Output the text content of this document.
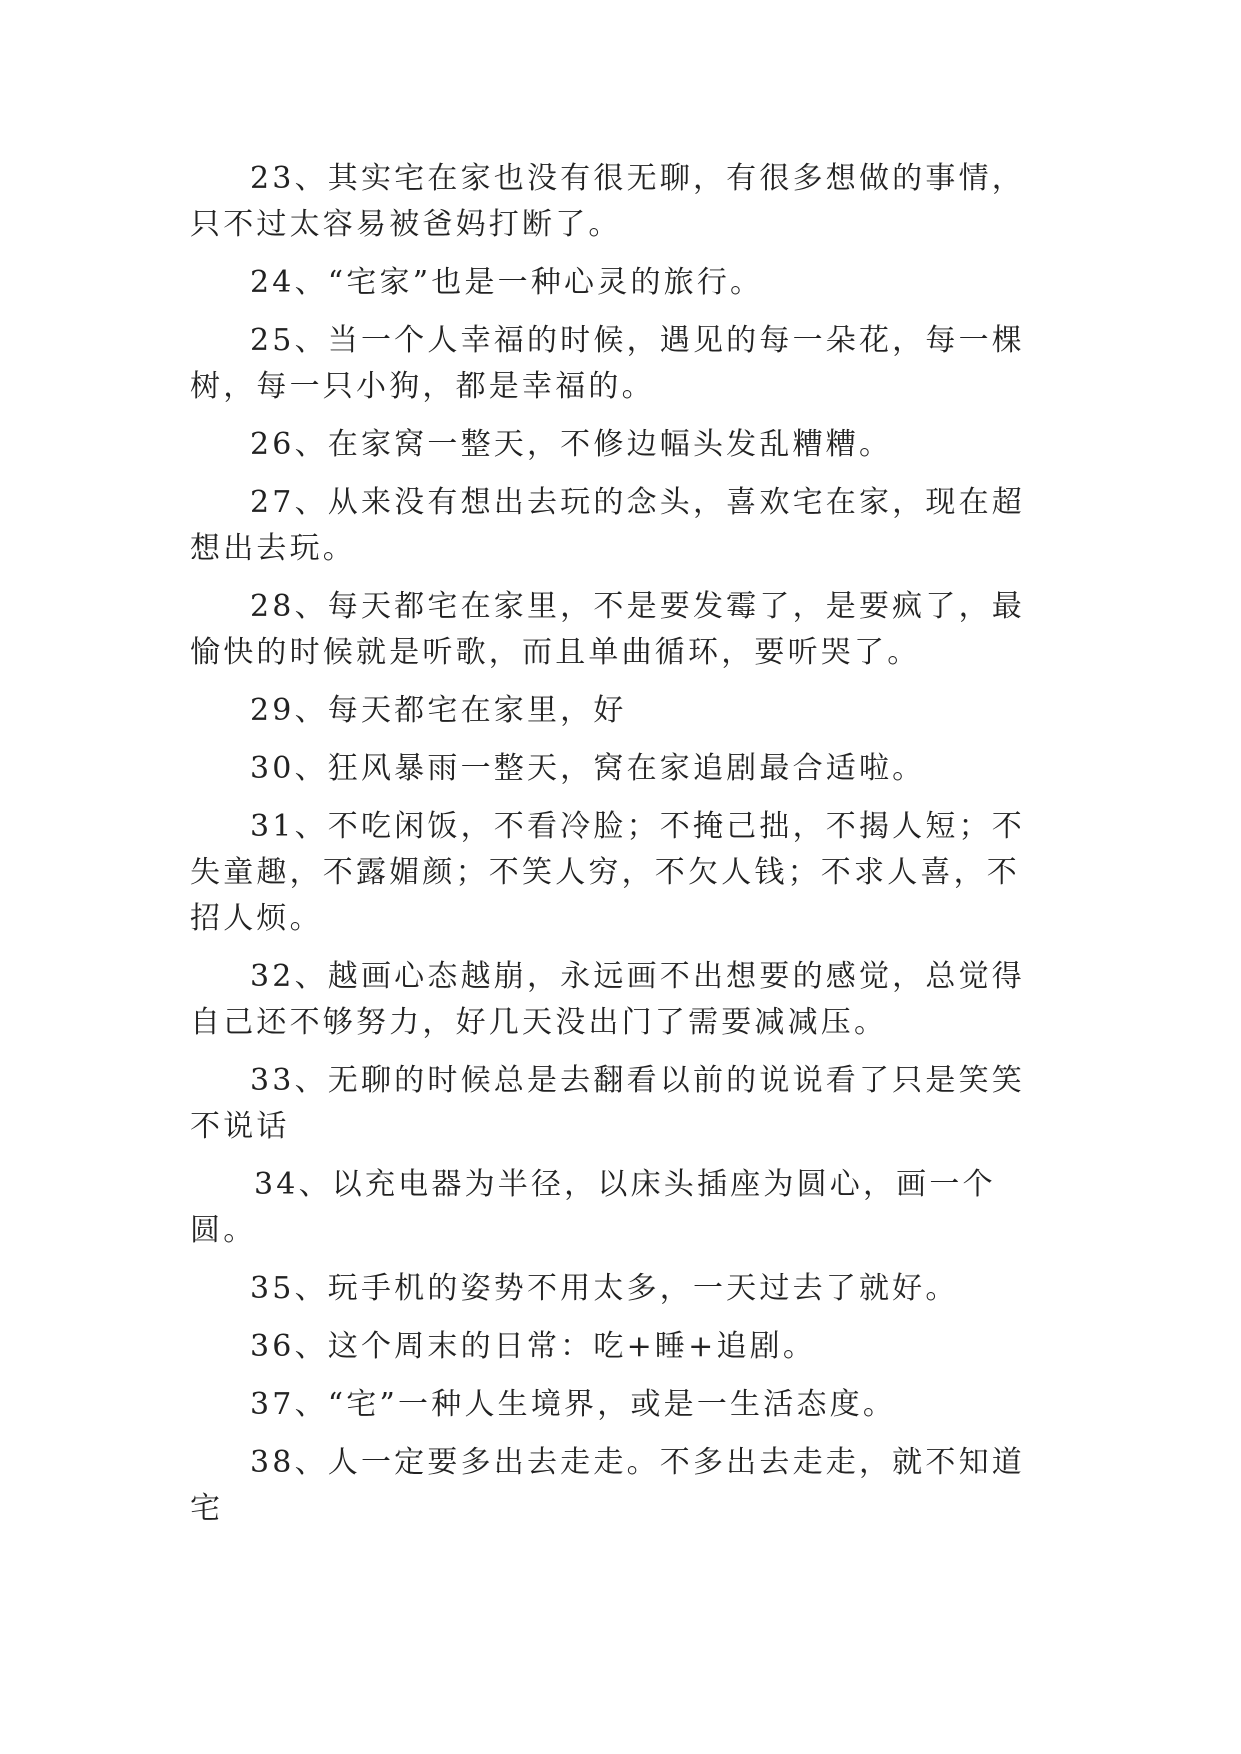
23、其实宅在家也没有很无聊，有很多想做的事情，只不过太容易被爸妈打断了。

24、“宅家”也是一种心灵的旅行。

25、当一个人幸福的时候，遇见的每一朵花，每一棵树，每一只小狗，都是幸福的。

26、在家窝一整天，不修边幅头发乱糟糟。

27、从来没有想出去玩的念头，喜欢宅在家，现在超想出去玩。

28、每天都宅在家里，不是要发霉了，是要疯了，最愉快的时候就是听歌，而且单曲循环，要听哭了。

29、每天都宅在家里，好

30、狂风暴雨一整天，窝在家追剧最合适啦。

31、不吃闲饭，不看冷脸；不掩己拙，不揭人短；不失童趣，不露媚颜；不笑人穷，不欠人钱；不求人喜，不招人烦。

32、越画心态越崩，永远画不出想要的感觉，总觉得自己还不够努力，好几天没出门了需要减减压。

33、无聊的时候总是去翻看以前的说说看了只是笑笑不说话

34、以充电器为半径，以床头插座为圆心，画一个圆。

35、玩手机的姿势不用太多，一天过去了就好。

36、这个周末的日常：吃+睡+追剧。

37、“宅”一种人生境界，或是一生活态度。

38、人一定要多出去走走。不多出去走走，就不知道宅
